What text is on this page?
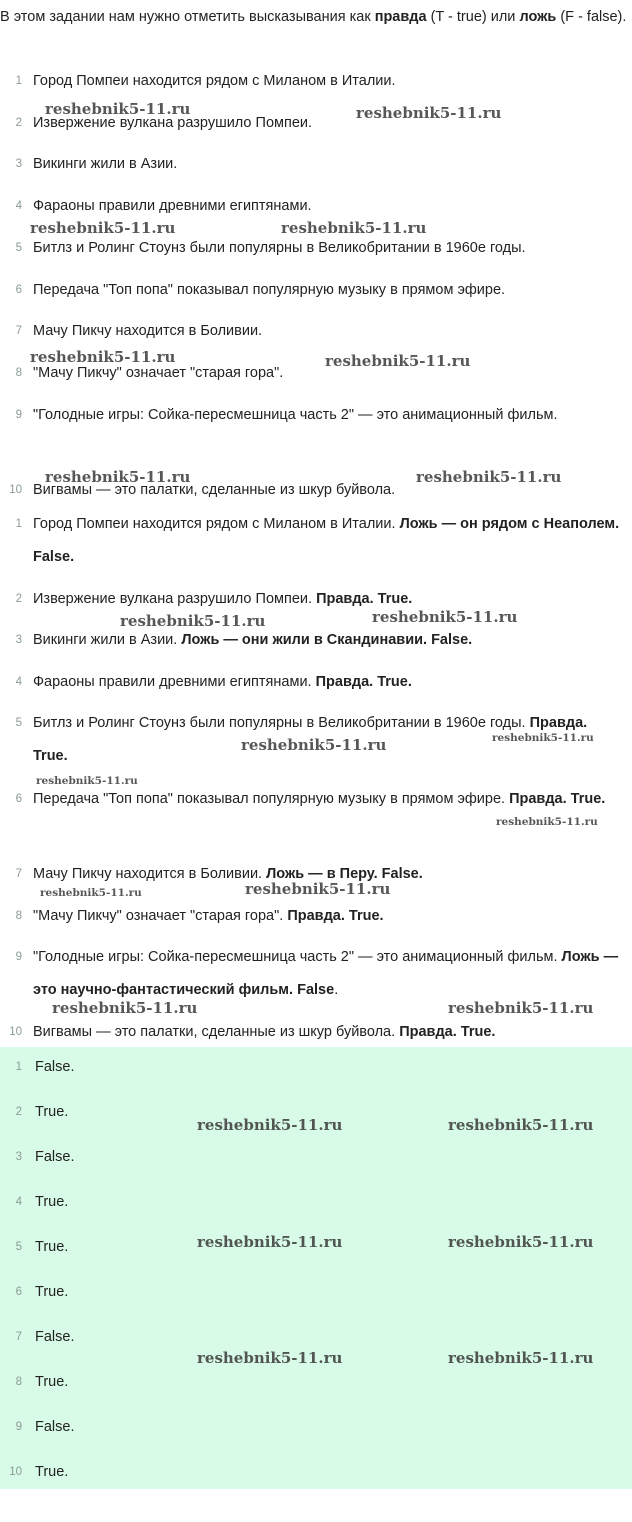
В этом задании нам нужно отметить высказывания как правда (T - true) или ложь (F - false).

1 Город Помпеи находится рядом с Миланом в Италии.
2 Извержение вулкана разрушило Помпеи.
3 Викинги жили в Азии.
4 Фараоны правили древними египтянами.
5 Битлз и Ролинг Стоунз были популярны в Великобритании в 1960е годы.
6 Передача "Топ попа" показывал популярную музыку в прямом эфире.
7 Мачу Пикчу находится в Боливии.
8 "Мачу Пикчу" означает "старая гора".
9 "Голодные игры: Сойка-пересмешница часть 2" — это анимационный фильм.
10 Вигвамы — это палатки, сделанные из шкур буйвола.
1 Город Помпеи находится рядом с Миланом в Италии. Ложь — он рядом с Неаполем. False.
2 Извержение вулкана разрушило Помпеи. Правда. True.
3 Викинги жили в Азии. Ложь — они жили в Скандинавии. False.
4 Фараоны правили древними египтянами. Правда. True.
5 Битлз и Ролинг Стоунз были популярны в Великобритании в 1960е годы. Правда. True.
6 Передача "Топ попа" показывал популярную музыку в прямом эфире. Правда. True.
7 Мачу Пикчу находится в Боливии. Ложь — в Перу. False.
8 "Мачу Пикчу" означает "старая гора". Правда. True.
9 "Голодные игры: Сойка-пересмешница часть 2" — это анимационный фильм. Ложь — это научно-фантастический фильм. False.
10 Вигвамы — это палатки, сделанные из шкур буйвола. Правда. True.
1 False.
2 True.
3 False.
4 True.
5 True.
6 True.
7 False.
8 True.
9 False.
10 True.
reshebnik5-11.ru	reshebnik5-11.ru
reshebnik5-11.ru	reshebnik5-11.ru
reshebnik5-11.ru	reshebnik5-11.ru
reshebnik5-11.ru	reshebnik5-11.ru
reshebnik5-11.ru	reshebnik5-11.ru
reshebnik5-11.ru	reshebnik5-11.ru
reshebnik5-11.ru
reshebnik5-11.ru
reshebnik5-11.ru	reshebnik5-11.ru
reshebnik5-11.ru	reshebnik5-11.ru
reshebnik5-11.ru	reshebnik5-11.ru
reshebnik5-11.ru	reshebnik5-11.ru
reshebnik5-11.ru	reshebnik5-11.ru
